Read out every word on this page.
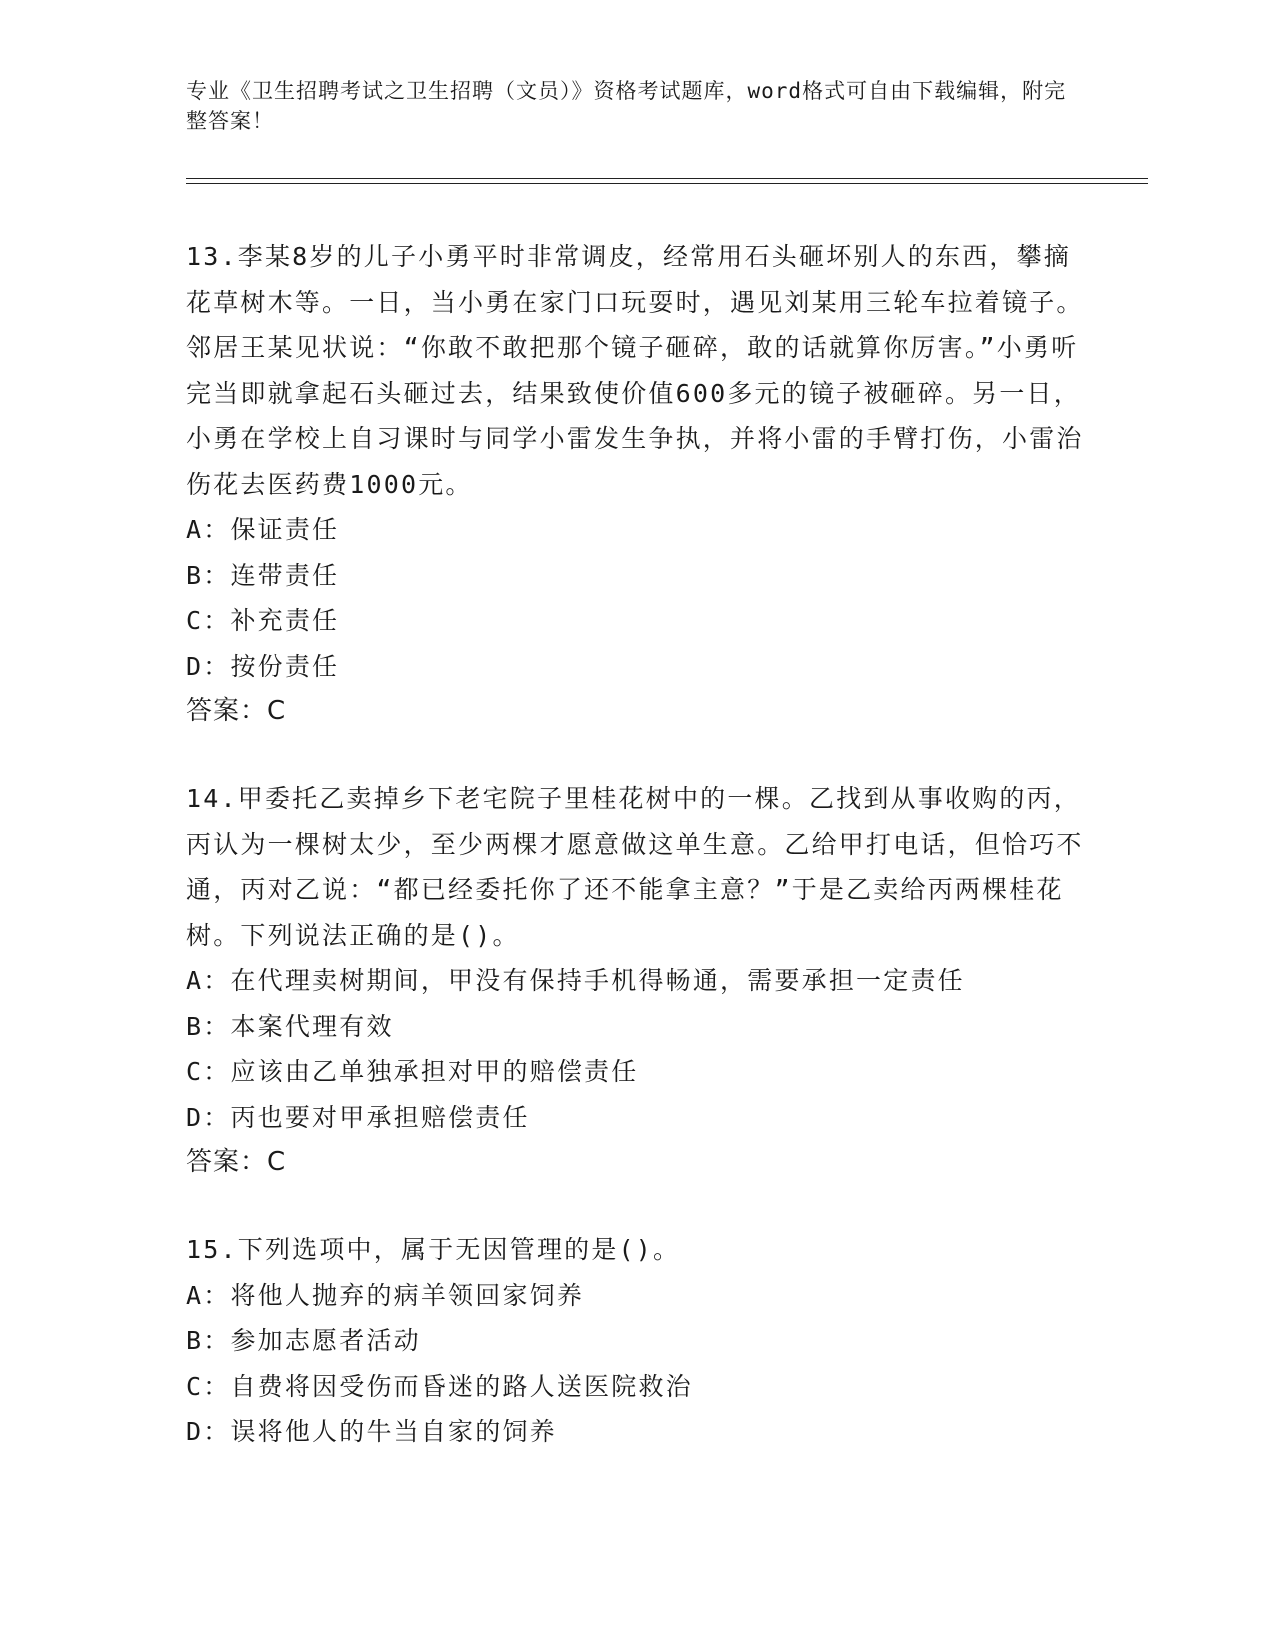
专业《卫生招聘考试之卫生招聘（文员）》资格考试题库，word格式可自由下载编辑，附完整答案！

13.李某8岁的儿子小勇平时非常调皮，经常用石头砸坏别人的东西，攀摘花草树木等。一日，当小勇在家门口玩耍时，遇见刘某用三轮车拉着镜子。邻居王某见状说：“你敢不敢把那个镜子砸碎，敢的话就算你厉害。”小勇听完当即就拿起石头砸过去，结果致使价值600多元的镜子被砸碎。另一日，小勇在学校上自习课时与同学小雷发生争执，并将小雷的手臂打伤，小雷治伤花去医药费1000元。

A：保证责任

B：连带责任

C：补充责任

D：按份责任

答案：C

14.甲委托乙卖掉乡下老宅院子里桂花树中的一棵。乙找到从事收购的丙，丙认为一棵树太少，至少两棵才愿意做这单生意。乙给甲打电话，但恰巧不通，丙对乙说：“都已经委托你了还不能拿主意？”于是乙卖给丙两棵桂花树。下列说法正确的是()。

A：在代理卖树期间，甲没有保持手机得畅通，需要承担一定责任

B：本案代理有效

C：应该由乙单独承担对甲的赔偿责任

D：丙也要对甲承担赔偿责任

答案：C

15.下列选项中，属于无因管理的是()。

A：将他人抛弃的病羊领回家饲养

B：参加志愿者活动

C：自费将因受伤而昏迷的路人送医院救治

D：误将他人的牛当自家的饲养
